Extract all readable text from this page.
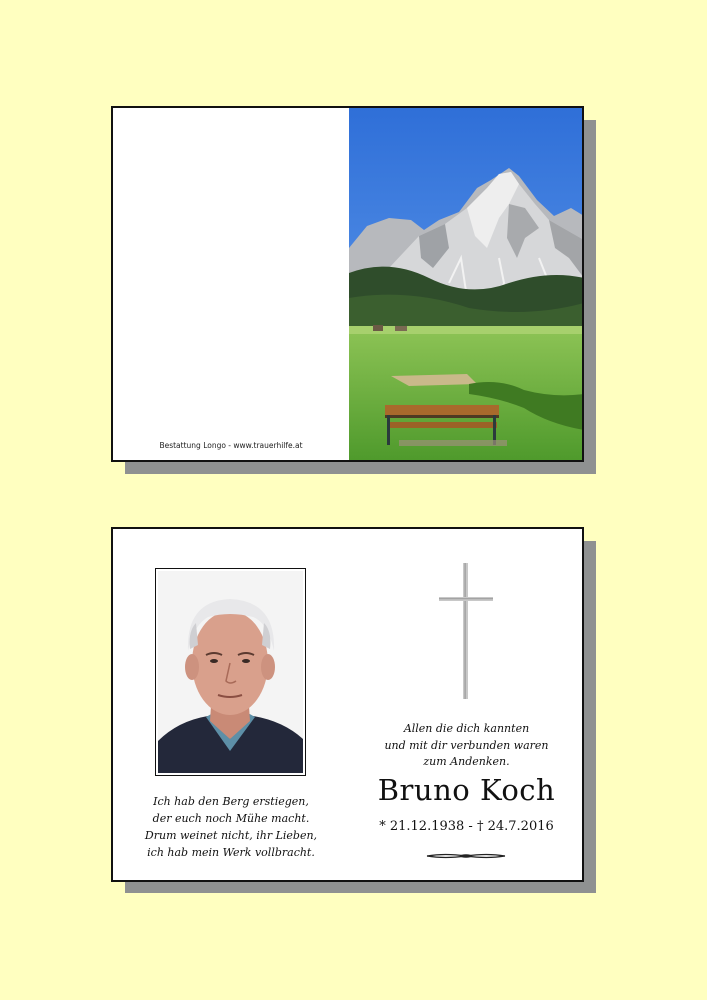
Bestattung Longo - www.trauerhilfe.at
Ich hab den Berg erstiegen,
der euch noch Mühe macht.
Drum weinet nicht, ihr Lieben,
ich hab mein Werk vollbracht.
Allen die dich kannten
und mit dir verbunden waren
zum Andenken.
Bruno Koch
* 21.12.1938 - † 24.7.2016
